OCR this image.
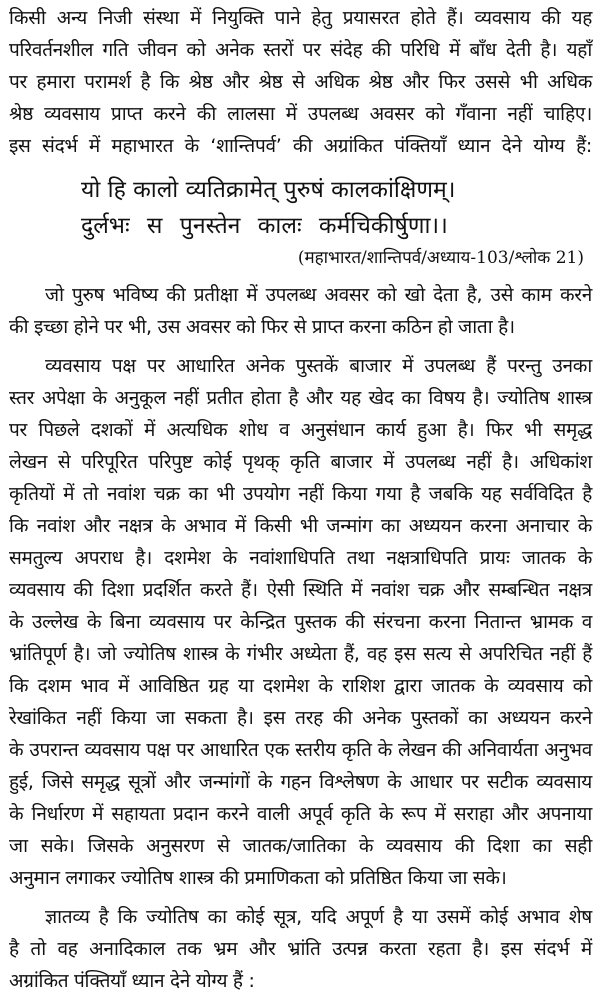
किसी अन्य निजी संस्था में नियुक्ति पाने हेतु प्रयासरत होते हैं। व्यवसाय की यह
परिवर्तनशील गति जीवन को अनेक स्तरों पर संदेह की परिधि में बाँध देती है। यहाँ
पर हमारा परामर्श है कि श्रेष्ठ और श्रेष्ठ से अधिक श्रेष्ठ और फिर उससे भी अधिक
श्रेष्ठ व्यवसाय प्राप्त करने की लालसा में उपलब्ध अवसर को गँवाना नहीं चाहिए।
इस संदर्भ में महाभारत के ‘शान्तिपर्व’ की अग्रांकित पंक्तियाँ ध्यान देने योग्य हैं:
यो हि कालो व्यतिक्रामेत् पुरुषं कालकांक्षिणम्।
दुर्लभः स पुनस्तेन कालः कर्मचिकीर्षुणा।।
(महाभारत/शान्तिपर्व/अध्याय-103/श्लोक 21)
जो पुरुष भविष्य की प्रतीक्षा में उपलब्ध अवसर को खो देता है, उसे काम करने
की इच्छा होने पर भी, उस अवसर को फिर से प्राप्त करना कठिन हो जाता है।
व्यवसाय पक्ष पर आधारित अनेक पुस्तकें बाजार में उपलब्ध हैं परन्तु उनका
स्तर अपेक्षा के अनुकूल नहीं प्रतीत होता है और यह खेद का विषय है। ज्योतिष शास्त्र
पर पिछले दशकों में अत्यधिक शोध व अनुसंधान कार्य हुआ है। फिर भी समृद्ध
लेखन से परिपूरित परिपुष्ट कोई पृथक् कृति बाजार में उपलब्ध नहीं है। अधिकांश
कृतियों में तो नवांश चक्र का भी उपयोग नहीं किया गया है जबकि यह सर्वविदित है
कि नवांश और नक्षत्र के अभाव में किसी भी जन्मांग का अध्ययन करना अनाचार के
समतुल्य अपराध है। दशमेश के नवांशाधिपति तथा नक्षत्राधिपति प्रायः जातक के
व्यवसाय की दिशा प्रदर्शित करते हैं। ऐसी स्थिति में नवांश चक्र और सम्बन्धित नक्षत्र
के उल्लेख के बिना व्यवसाय पर केन्द्रित पुस्तक की संरचना करना नितान्त भ्रामक व
भ्रांतिपूर्ण है। जो ज्योतिष शास्त्र के गंभीर अध्येता हैं, वह इस सत्य से अपरिचित नहीं हैं
कि दशम भाव में आविष्ठित ग्रह या दशमेश के राशिश द्वारा जातक के व्यवसाय को
रेखांकित नहीं किया जा सकता है। इस तरह की अनेक पुस्तकों का अध्ययन करने
के उपरान्त व्यवसाय पक्ष पर आधारित एक स्तरीय कृति के लेखन की अनिवार्यता अनुभव
हुई, जिसे समृद्ध सूत्रों और जन्मांगों के गहन विश्लेषण के आधार पर सटीक व्यवसाय
के निर्धारण में सहायता प्रदान करने वाली अपूर्व कृति के रूप में सराहा और अपनाया
जा सके। जिसके अनुसरण से जातक/जातिका के व्यवसाय की दिशा का सही
अनुमान लगाकर ज्योतिष शास्त्र की प्रमाणिकता को प्रतिष्ठित किया जा सके।
ज्ञातव्य है कि ज्योतिष का कोई सूत्र, यदि अपूर्ण है या उसमें कोई अभाव शेष
है तो वह अनादिकाल तक भ्रम और भ्रांति उत्पन्न करता रहता है। इस संदर्भ में
अग्रांकित पंक्तियाँ ध्यान देने योग्य हैं :
